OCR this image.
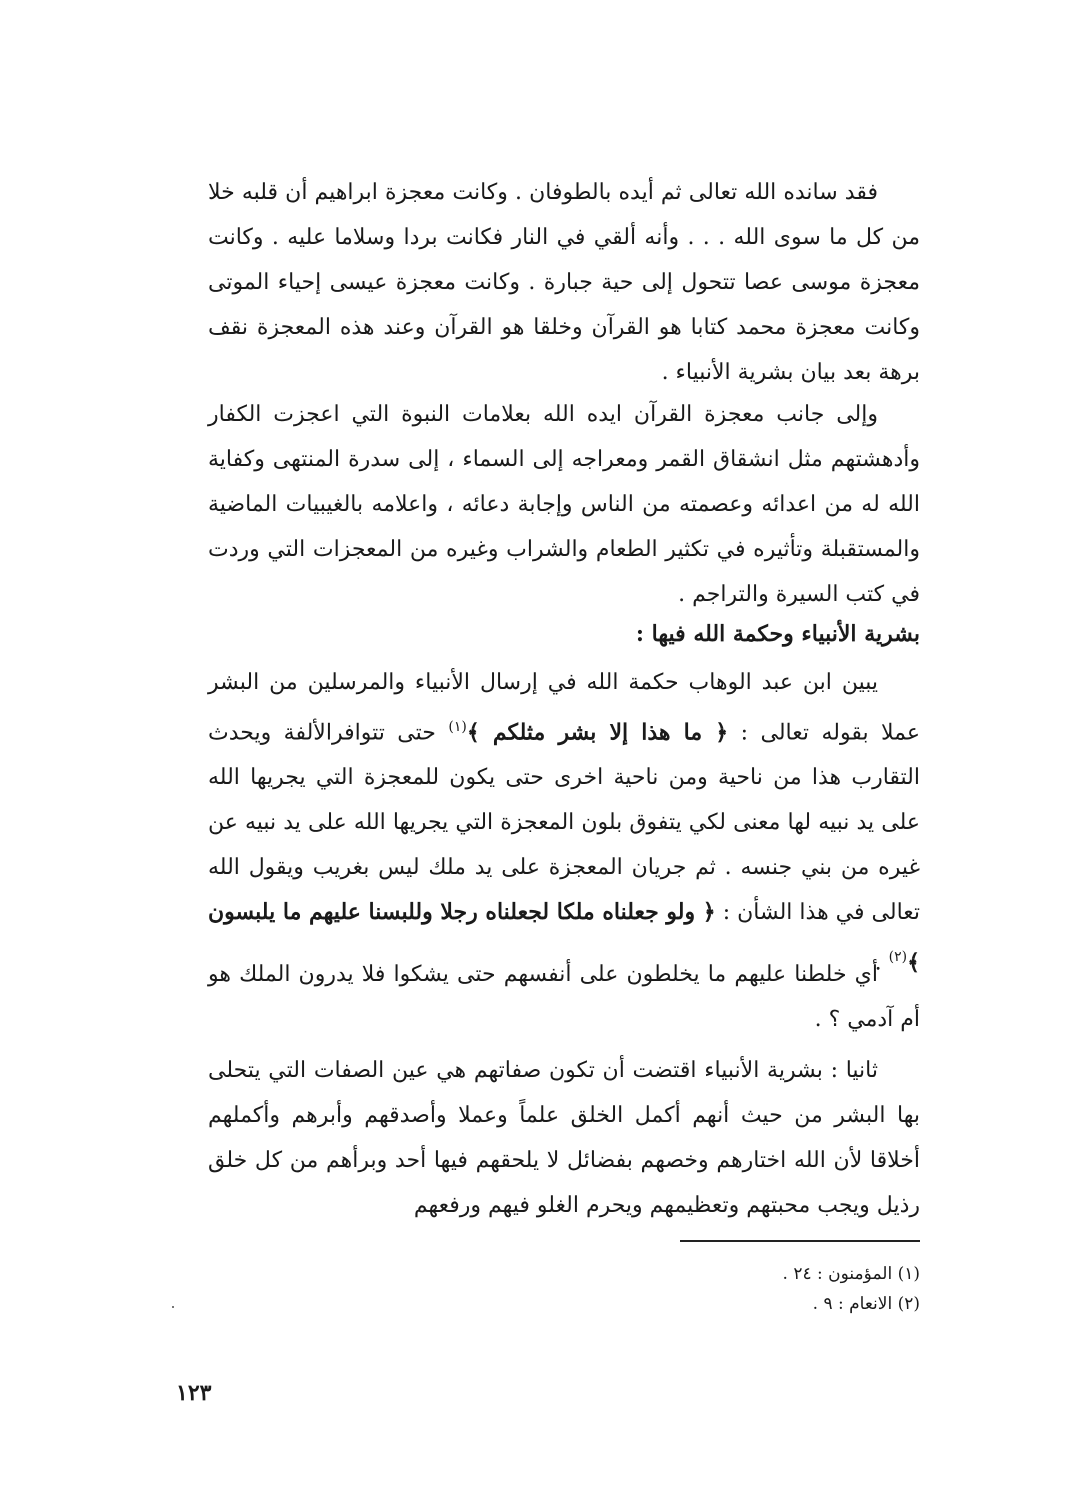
فقد سانده الله تعالى ثم أيده بالطوفان . وكانت معجزة ابراهيم أن قلبه خلا من كل ما سوى الله . . . وأنه ألقي في النار فكانت بردا وسلاما عليه . وكانت معجزة موسى عصا تتحول إلى حية جبارة . وكانت معجزة عيسى إحياء الموتى وكانت معجزة محمد كتابا هو القرآن وخلقا هو القرآن وعند هذه المعجزة نقف برهة بعد بيان بشرية الأنبياء .

وإلى جانب معجزة القرآن ايده الله بعلامات النبوة التي اعجزت الكفار وأدهشتهم مثل انشقاق القمر ومعراجه إلى السماء ، إلى سدرة المنتهى وكفاية الله له من اعدائه وعصمته من الناس وإجابة دعائه ، واعلامه بالغيبيات الماضية والمستقبلة وتأثيره في تكثير الطعام والشراب وغيره من المعجزات التي وردت في كتب السيرة والتراجم .

بشرية الأنبياء وحكمة الله فيها :

يبين ابن عبد الوهاب حكمة الله في إرسال الأنبياء والمرسلين من البشر عملا بقوله تعالى : ﴿ ما هذا إلا بشر مثلكم ﴾$^{(١)}$ حتى تتوافرالألفة ويحدث التقارب هذا من ناحية ومن ناحية اخرى حتى يكون للمعجزة التي يجريها الله على يد نبيه لها معنى لكي يتفوق بلون المعجزة التي يجريها الله على يد نبيه عن غيره من بني جنسه . ثم جريان المعجزة على يد ملك ليس بغريب ويقول الله تعالى في هذا الشأن : ﴿ ولو جعلناه ملكا لجعلناه رجلا وللبسنا عليهم ما يلبسون ﴾$^{(٢)}$ .

أي خلطنا عليهم ما يخلطون على أنفسهم حتى يشكوا فلا يدرون الملك هو أم آدمي ؟ .

ثانيا : بشرية الأنبياء اقتضت أن تكون صفاتهم هي عين الصفات التي يتحلى بها البشر من حيث أنهم أكمل الخلق علماً وعملا وأصدقهم وأبرهم وأكملهم أخلاقا لأن الله اختارهم وخصهم بفضائل لا يلحقهم فيها أحد وبرأهم من كل خلق رذيل ويجب محبتهم وتعظيمهم ويحرم الغلو فيهم ورفعهم

(١) المؤمنون : ٢٤ .
(٢) الانعام : ٩ .
١٢٣
